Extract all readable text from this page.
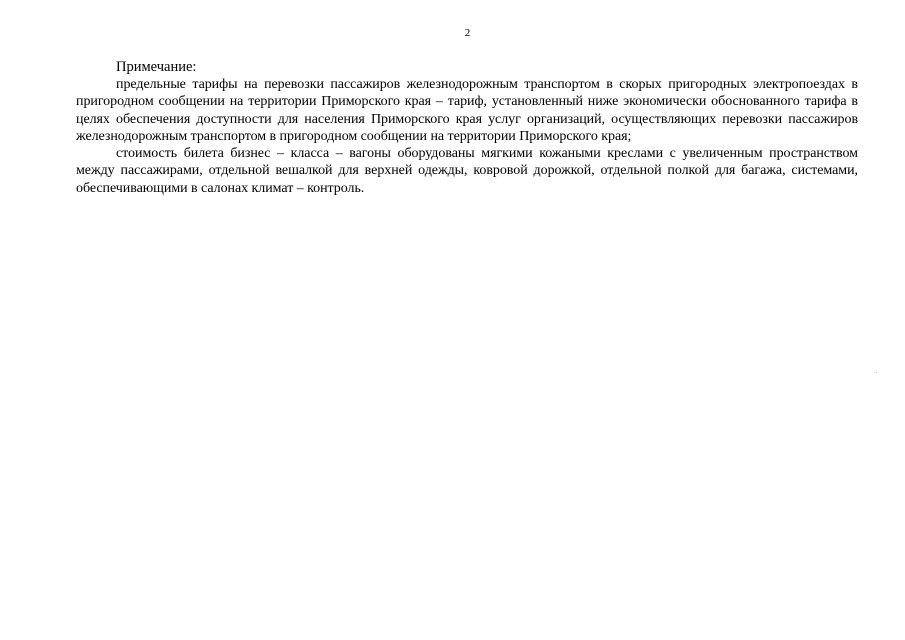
2

Примечание:

предельные тарифы на перевозки пассажиров железнодорожным транспортом в скорых пригородных электропоездах в пригородном сообщении на территории Приморского края – тариф, установленный ниже экономически обоснованного тарифа в целях обеспечения доступности для населения Приморского края услуг организаций, осуществляющих перевозки пассажиров железнодорожным транспортом в пригородном сообщении на территории Приморского края;

стоимость билета бизнес – класса – вагоны оборудованы мягкими кожаными креслами с увеличенным пространством между пассажирами, отдельной вешалкой для верхней одежды, ковровой дорожкой, отдельной полкой для багажа, системами, обеспечивающими в салонах климат – контроль.
